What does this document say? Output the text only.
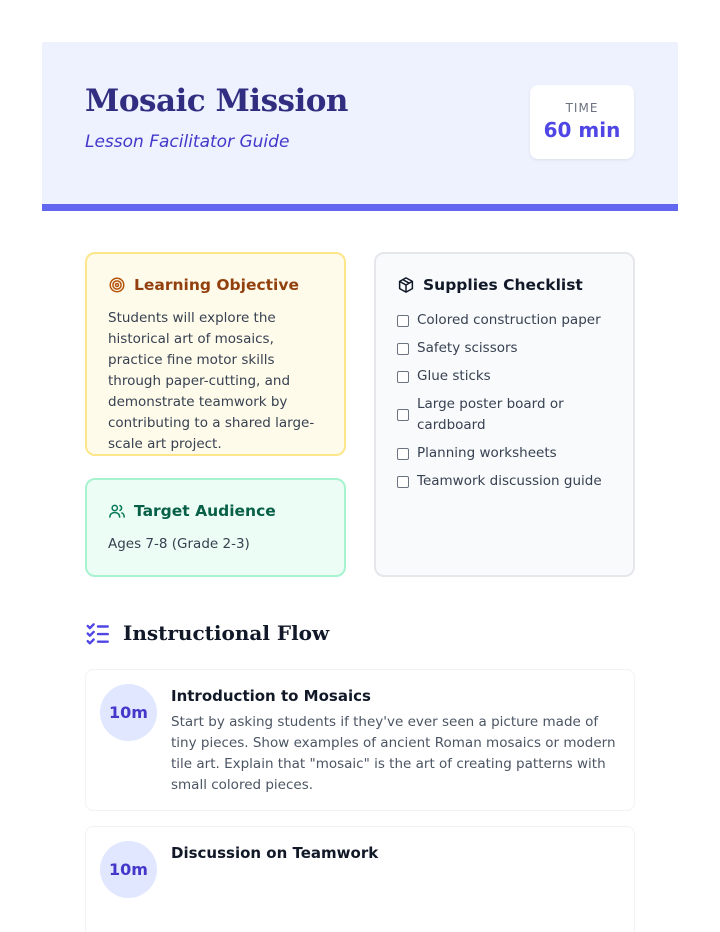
Mosaic Mission
Lesson Facilitator Guide
TIME
60 min
Learning Objective
Students will explore the historical art of mosaics, practice fine motor skills through paper-cutting, and demonstrate teamwork by contributing to a shared large-scale art project.
Target Audience
Ages 7-8 (Grade 2-3)
Supplies Checklist
Colored construction paper
Safety scissors
Glue sticks
Large poster board or cardboard
Planning worksheets
Teamwork discussion guide
Instructional Flow
10m
Introduction to Mosaics
Start by asking students if they've ever seen a picture made of tiny pieces. Show examples of ancient Roman mosaics or modern tile art. Explain that "mosaic" is the art of creating patterns with small colored pieces.
10m
Discussion on Teamwork
